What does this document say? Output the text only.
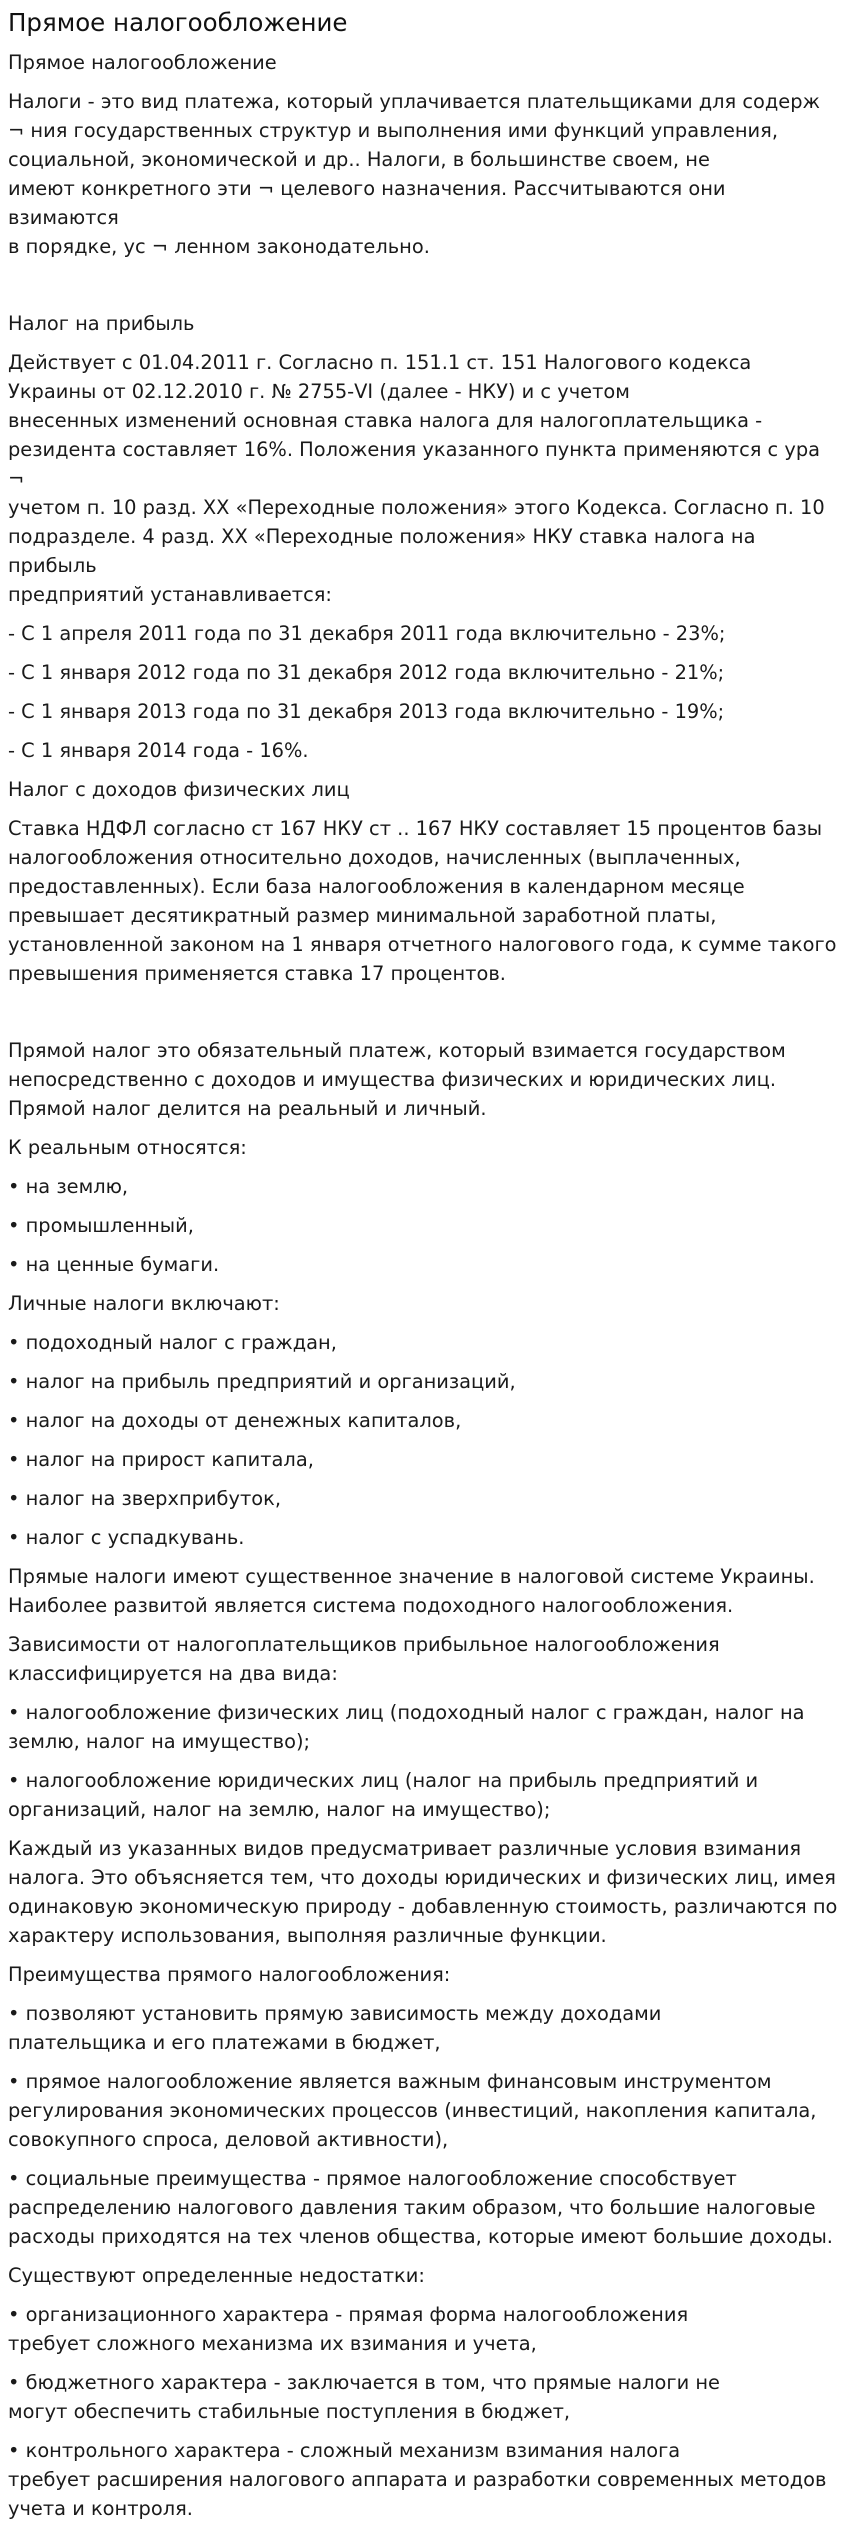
Прямое налогообложение

Прямое налогообложение

Налоги - это вид платежа, который уплачивается плательщиками для содерж
¬ ния государственных структур и выполнения ими функций управления,
социальной, экономической и др.. Налоги, в большинстве своем, не
имеют конкретного эти ¬ целевого назначения. Рассчитываются они взимаются
в порядке, ус ¬ ленном законодательно.

Налог на прибыль

Действует с 01.04.2011 г. Согласно п. 151.1 ст. 151 Налогового кодекса
Украины от 02.12.2010 г. № 2755-VI (далее - НКУ) и с учетом
внесенных изменений основная ставка налога для налогоплательщика -
резидента составляет 16%. Положения указанного пункта применяются с ура ¬
учетом п. 10 разд. XX «Переходные положения» этого Кодекса. Согласно п. 10
подразделе. 4 разд. XX «Переходные положения» НКУ ставка налога на прибыль
предприятий устанавливается:

- С 1 апреля 2011 года по 31 декабря 2011 года включительно - 23%;

- С 1 января 2012 года по 31 декабря 2012 года включительно - 21%;

- С 1 января 2013 года по 31 декабря 2013 года включительно - 19%;

- С 1 января 2014 года - 16%.

Налог с доходов физических лиц

Ставка НДФЛ согласно ст 167 НКУ ст .. 167 НКУ составляет 15 процентов базы
налогообложения относительно доходов, начисленных (выплаченных,
предоставленных). Если база налогообложения в календарном месяце
превышает десятикратный размер минимальной заработной платы,
установленной законом на 1 января отчетного налогового года, к сумме такого
превышения применяется ставка 17 процентов.

Прямой налог это обязательный платеж, который взимается государством
непосредственно с доходов и имущества физических и юридических лиц.
Прямой налог делится на реальный и личный.

К реальным относятся:

• на землю,

• промышленный,

• на ценные бумаги.

Личные налоги включают:

• подоходный налог с граждан,

• налог на прибыль предприятий и организаций,

• налог на доходы от денежных капиталов,

• налог на прирост капитала,

• налог на зверхприбуток,

• налог с успадкувань.

Прямые налоги имеют существенное значение в налоговой системе Украины.
Наиболее развитой является система подоходного налогообложения.

Зависимости от налогоплательщиков прибыльное налогообложения
классифицируется на два вида:

• налогообложение физических лиц (подоходный налог с граждан, налог на
землю, налог на имущество);

• налогообложение юридических лиц (налог на прибыль предприятий и
организаций, налог на землю, налог на имущество);

Каждый из указанных видов предусматривает различные условия взимания
налога. Это объясняется тем, что доходы юридических и физических лиц, имея
одинаковую экономическую природу - добавленную стоимость, различаются по
характеру использования, выполняя различные функции.

Преимущества прямого налогообложения:

• позволяют установить прямую зависимость между доходами
плательщика и его платежами в бюджет,

• прямое налогообложение является важным финансовым инструментом
регулирования экономических процессов (инвестиций, накопления капитала,
совокупного спроса, деловой активности),

• социальные преимущества - прямое налогообложение способствует
распределению налогового давления таким образом, что большие налоговые
расходы приходятся на тех членов общества, которые имеют большие доходы.

Существуют определенные недостатки:

• организационного характера - прямая форма налогообложения
требует сложного механизма их взимания и учета,

• бюджетного характера - заключается в том, что прямые налоги не
могут обеспечить стабильные поступления в бюджет,

• контрольного характера - сложный механизм взимания налога
требует расширения налогового аппарата и разработки современных методов
учета и контроля.
